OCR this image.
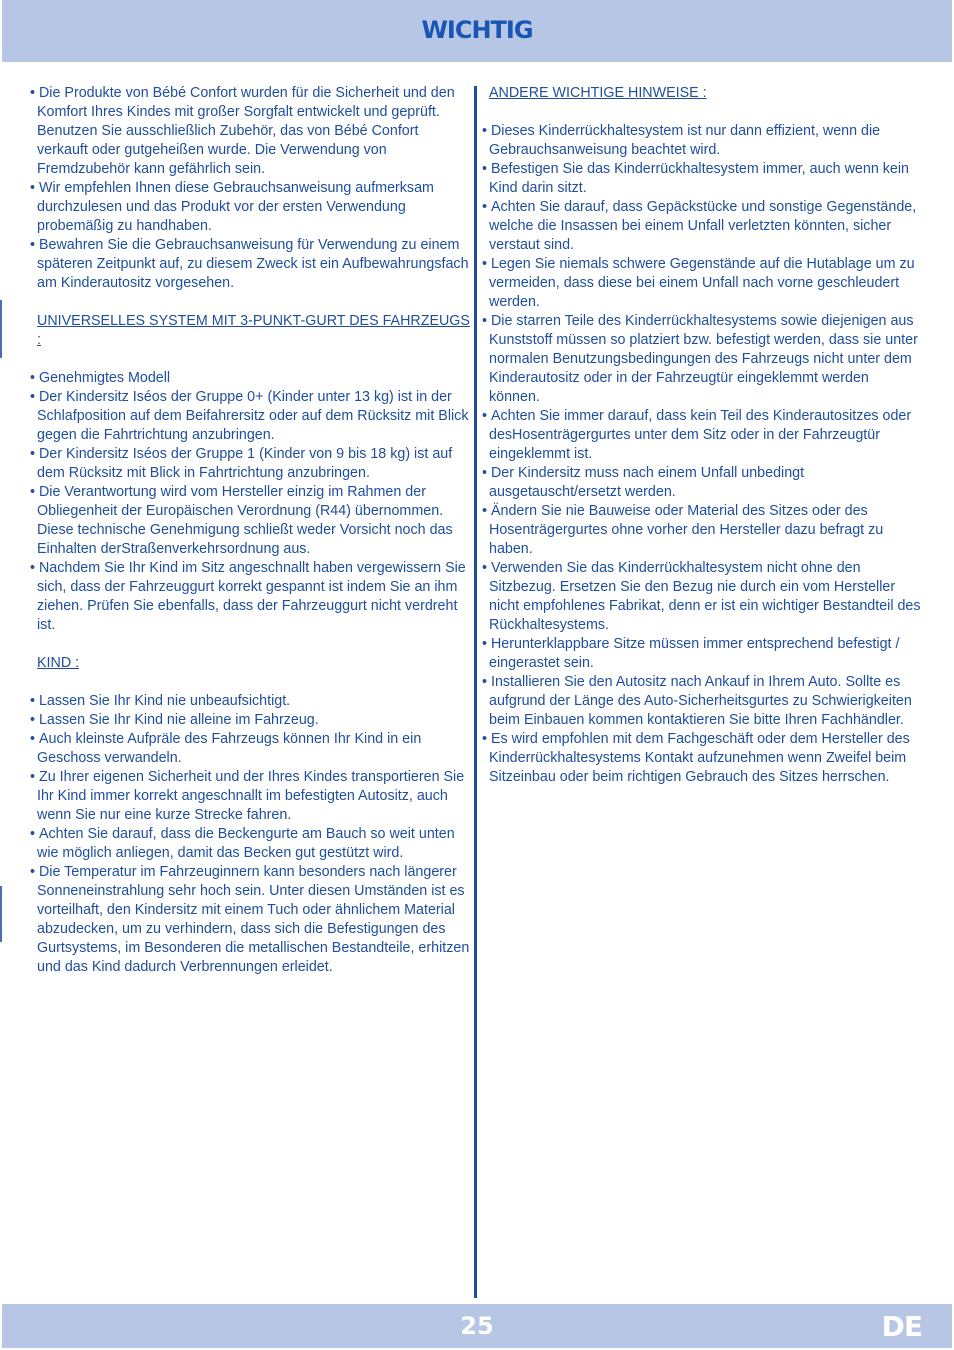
WICHTIG

• Die Produkte von Bébé Confort wurden für die Sicherheit und den Komfort Ihres Kindes mit großer Sorgfalt entwickelt und geprüft. Benutzen Sie ausschließlich Zubehör, das von Bébé Confort verkauft oder gutgeheißen wurde. Die Verwendung von Fremdzubehör kann gefährlich sein.

• Wir empfehlen Ihnen diese Gebrauchsanweisung aufmerksam durchzulesen und das Produkt vor der ersten Verwendung probemäßig zu handhaben.

• Bewahren Sie die Gebrauchsanweisung für Verwendung zu einem späteren Zeitpunkt auf, zu diesem Zweck ist ein Aufbewahrungsfach am Kinderautositz vorgesehen.

UNIVERSELLES SYSTEM MIT 3-PUNKT-GURT DES FAHRZEUGS :

• Genehmigtes Modell

• Der Kindersitz Iséos der Gruppe 0+ (Kinder unter 13 kg) ist in der Schlafposition auf dem Beifahrersitz oder auf dem Rücksitz mit Blick gegen die Fahrtrichtung anzubringen.

• Der Kindersitz Iséos der Gruppe 1 (Kinder von 9 bis 18 kg) ist auf dem Rücksitz mit Blick in Fahrtrichtung anzubringen.

• Die Verantwortung wird vom Hersteller einzig im Rahmen der Obliegenheit der Europäischen Verordnung (R44) übernommen. Diese technische Genehmigung schließt weder Vorsicht noch das Einhalten derStraßenverkehrsordnung aus.

• Nachdem Sie Ihr Kind im Sitz angeschnallt haben vergewissern Sie sich, dass der Fahrzeuggurt korrekt gespannt ist indem Sie an ihm ziehen. Prüfen Sie ebenfalls, dass der Fahrzeuggurt nicht verdreht ist.

KIND :

• Lassen Sie Ihr Kind nie unbeaufsichtigt.

• Lassen Sie Ihr Kind nie alleine im Fahrzeug.

• Auch kleinste Aufpräle des Fahrzeugs können Ihr Kind in ein Geschoss verwandeln.

• Zu Ihrer eigenen Sicherheit und der Ihres Kindes transportieren Sie Ihr Kind immer korrekt angeschnallt im befestigten Autositz, auch wenn Sie nur eine kurze Strecke fahren.

• Achten Sie darauf, dass die Beckengurte am Bauch so weit unten wie möglich anliegen, damit das Becken gut gestützt wird.

• Die Temperatur im Fahrzeuginnern kann besonders nach längerer Sonneneinstrahlung sehr hoch sein. Unter diesen Umständen ist es vorteilhaft, den Kindersitz mit einem Tuch oder ähnlichem Material abzudecken, um zu verhindern, dass sich die Befestigungen des Gurtsystems, im Besonderen die metallischen Bestandteile, erhitzen und das Kind dadurch Verbrennungen erleidet.

ANDERE WICHTIGE HINWEISE :

• Dieses Kinderrückhaltesystem ist nur dann effizient, wenn die Gebrauchsanweisung beachtet wird.

• Befestigen Sie das Kinderrückhaltesystem immer, auch wenn kein Kind darin sitzt.

• Achten Sie darauf, dass Gepäckstücke und sonstige Gegenstände, welche die Insassen bei einem Unfall verletzten könnten, sicher verstaut sind.

• Legen Sie niemals schwere Gegenstände auf die Hutablage um zu vermeiden, dass diese bei einem Unfall nach vorne geschleudert werden.

• Die starren Teile des Kinderrückhaltesystems sowie diejenigen aus Kunststoff müssen so platziert bzw. befestigt werden, dass sie unter normalen Benutzungsbedingungen des Fahrzeugs nicht unter dem Kinderautositz oder in der Fahrzeugtür eingeklemmt werden können.

• Achten Sie immer darauf, dass kein Teil des Kinderautositzes oder desHosenträgergurtes unter dem Sitz oder in der Fahrzeugtür eingeklemmt ist.

• Der Kindersitz muss nach einem Unfall unbedingt ausgetauscht/ersetzt werden.

• Ändern Sie nie Bauweise oder Material des Sitzes oder des Hosenträgergurtes ohne vorher den Hersteller dazu befragt zu haben.

• Verwenden Sie das Kinderrückhaltesystem nicht ohne den Sitzbezug. Ersetzen Sie den Bezug nie durch ein vom Hersteller nicht empfohlenes Fabrikat, denn er ist ein wichtiger Bestandteil des Rückhaltesystems.

• Herunterklappbare Sitze müssen immer entsprechend befestigt / eingerastet sein.

• Installieren Sie den Autositz nach Ankauf in Ihrem Auto. Sollte es aufgrund der Länge des Auto-Sicherheitsgurtes zu Schwierigkeiten beim Einbauen kommen kontaktieren Sie bitte Ihren Fachhändler.

• Es wird empfohlen mit dem Fachgeschäft oder dem Hersteller des Kinderrückhaltesystems Kontakt aufzunehmen wenn Zweifel beim Sitzeinbau oder beim richtigen Gebrauch des Sitzes herrschen.

25	DE
